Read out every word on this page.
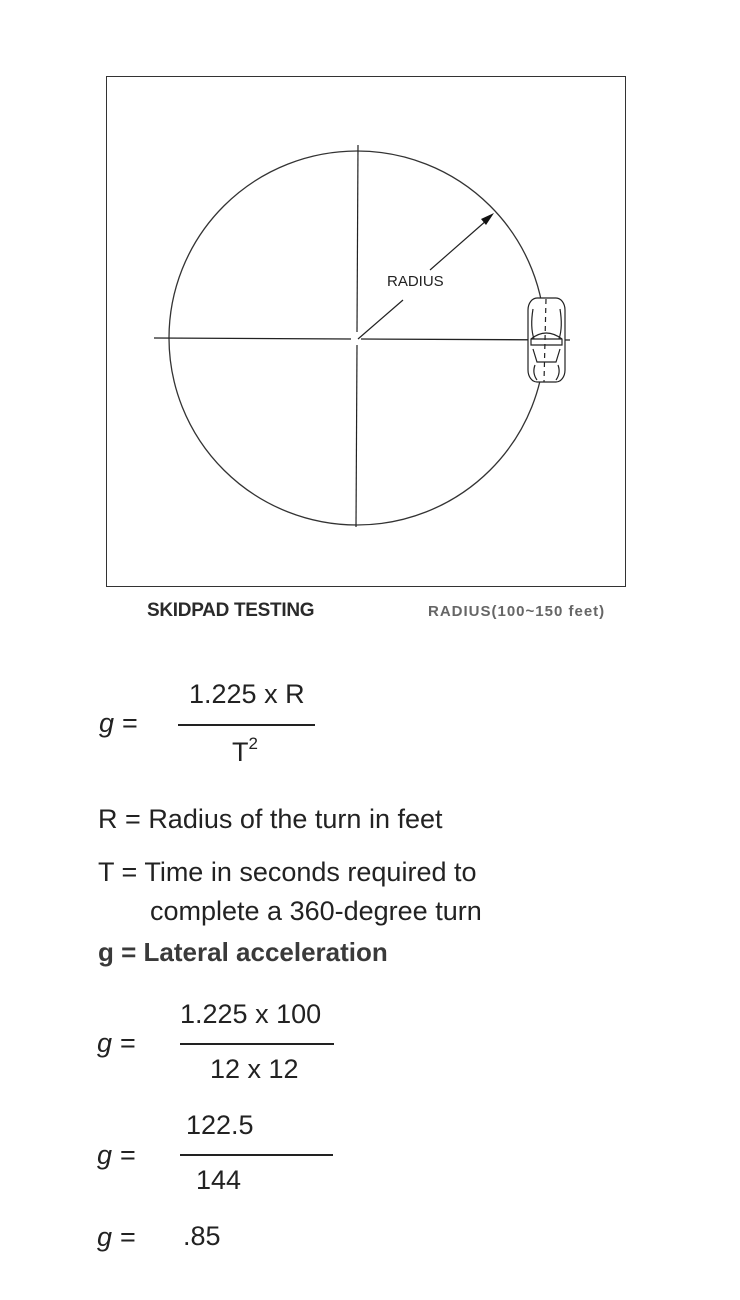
RADIUS
SKIDPAD TESTING	RADIUS(100~150 feet)
g =
1.225 x R
$T^2$
R = Radius of the turn in feet
T = Time in seconds required to
complete a 360-degree turn
g = Lateral acceleration
g =
1.225 x 100
12 x 12
g =
122.5
144
g = .85
